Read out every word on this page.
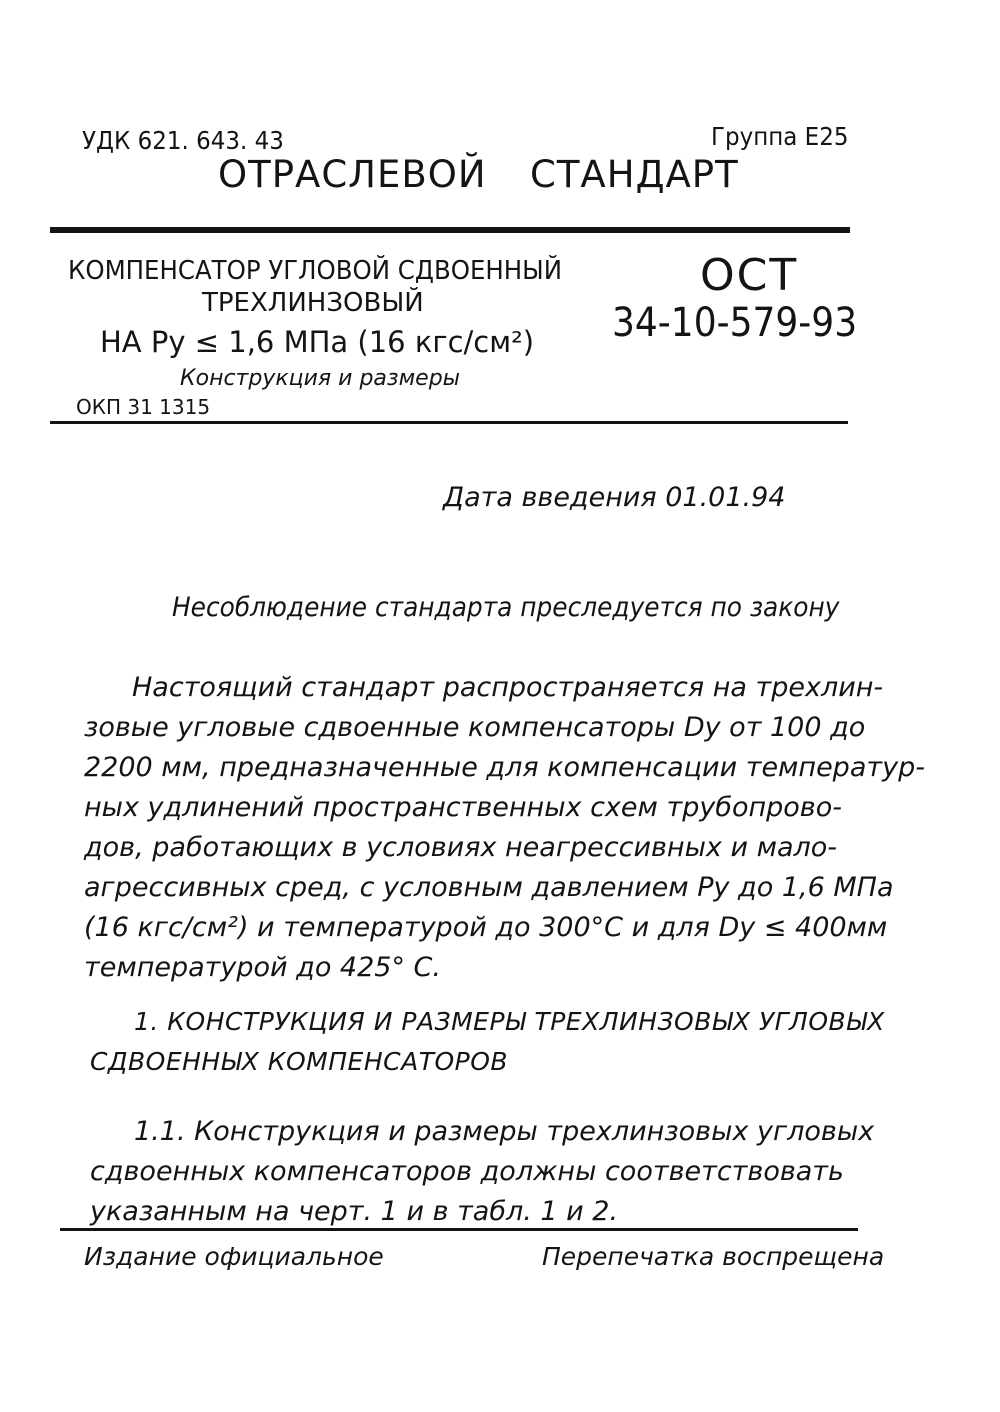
УДК 621. 643. 43	Группа Е25
ОТРАСЛЕВОЙ СТАНДАРТ
КОМПЕНСАТОР УГЛОВОЙ СДВОЕННЫЙ
ТРЕХЛИНЗОВЫЙ
НА Ру ≤ 1,6 МПа (16 кгс/см²)
Конструкция и размеры
ОКП 31 1315
ОСТ
34-10-579-93
Дата введения 01.01.94
Несоблюдение стандарта преследуется по закону
Настоящий стандарт распространяется на трехлин-
зовые угловые сдвоенные компенсаторы Dy от 100 до
2200 мм, предназначенные для компенсации температур-
ных удлинений пространственных схем трубопрово-
дов, работающих в условиях неагрессивных и мало-
агрессивных сред, с условным давлением Ру до 1,6 МПа
(16 кгс/см²) и температурой до 300°С и для Dy ≤ 400мм
температурой до 425° С.
1. КОНСТРУКЦИЯ И РАЗМЕРЫ ТРЕХЛИНЗОВЫХ УГЛОВЫХ
СДВОЕННЫХ КОМПЕНСАТОРОВ
1.1. Конструкция и размеры трехлинзовых угловых
сдвоенных компенсаторов должны соответствовать
указанным на черт. 1 и в табл. 1 и 2.
Издание официальное	Перепечатка воспрещена
